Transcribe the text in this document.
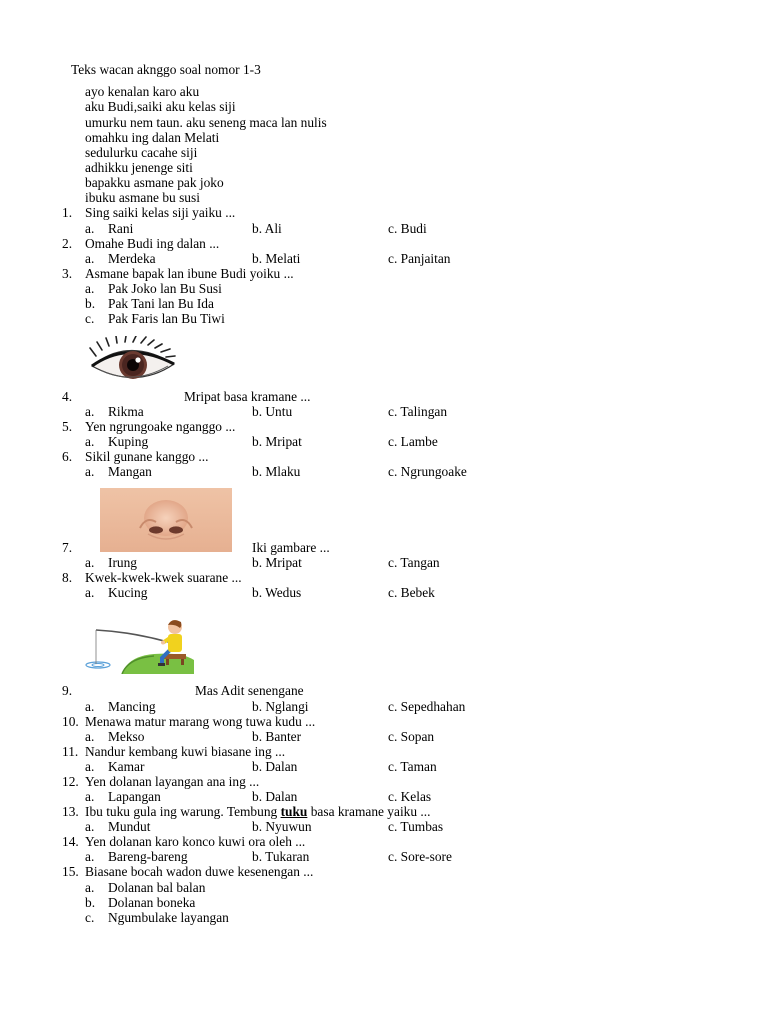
Teks wacan aknggo soal nomor 1-3
ayo kenalan karo aku
aku Budi,saiki aku kelas siji
umurku nem taun. aku seneng maca lan nulis
omahku ing dalan Melati
sedulurku cacahe siji
adhikku jenenge siti
bapakku asmane pak joko
ibuku asmane bu susi
1. Sing saiki kelas siji yaiku ...
a. Rani	b. Ali	c. Budi
2. Omahe Budi ing dalan ...
a. Merdeka	b. Melati	c. Panjaitan
3. Asmane bapak lan ibune Budi yoiku ...
a. Pak Joko lan Bu Susi
b. Pak Tani lan Bu Ida
c. Pak Faris lan Bu Tiwi
4.	Mripat basa kramane ...
a. Rikma	b. Untu	c. Talingan
5. Yen ngrungoake nganggo ...
a. Kuping	b. Mripat	c. Lambe
6. Sikil gunane kanggo ...
a. Mangan	b. Mlaku	c. Ngrungoake
7.	Iki gambare ...
a. Irung	b. Mripat	c. Tangan
8. Kwek-kwek-kwek suarane ...
a. Kucing	b. Wedus	c. Bebek
9.	Mas Adit senengane
a. Mancing	b. Nglangi	c. Sepedhahan
10. Menawa matur marang wong tuwa kudu ...
a. Mekso	b. Banter	c. Sopan
11. Nandur kembang kuwi biasane ing ...
a. Kamar	b. Dalan	c. Taman
12. Yen dolanan layangan ana ing ...
a. Lapangan	b. Dalan	c. Kelas
13. Ibu tuku gula ing warung. Tembung tuku basa kramane yaiku ...
a. Mundut	b. Nyuwun	c. Tumbas
14. Yen dolanan karo konco kuwi ora oleh ...
a. Bareng-bareng	b. Tukaran	c. Sore-sore
15. Biasane bocah wadon duwe kesenengan ...
a. Dolanan bal balan
b. Dolanan boneka
c. Ngumbulake layangan
